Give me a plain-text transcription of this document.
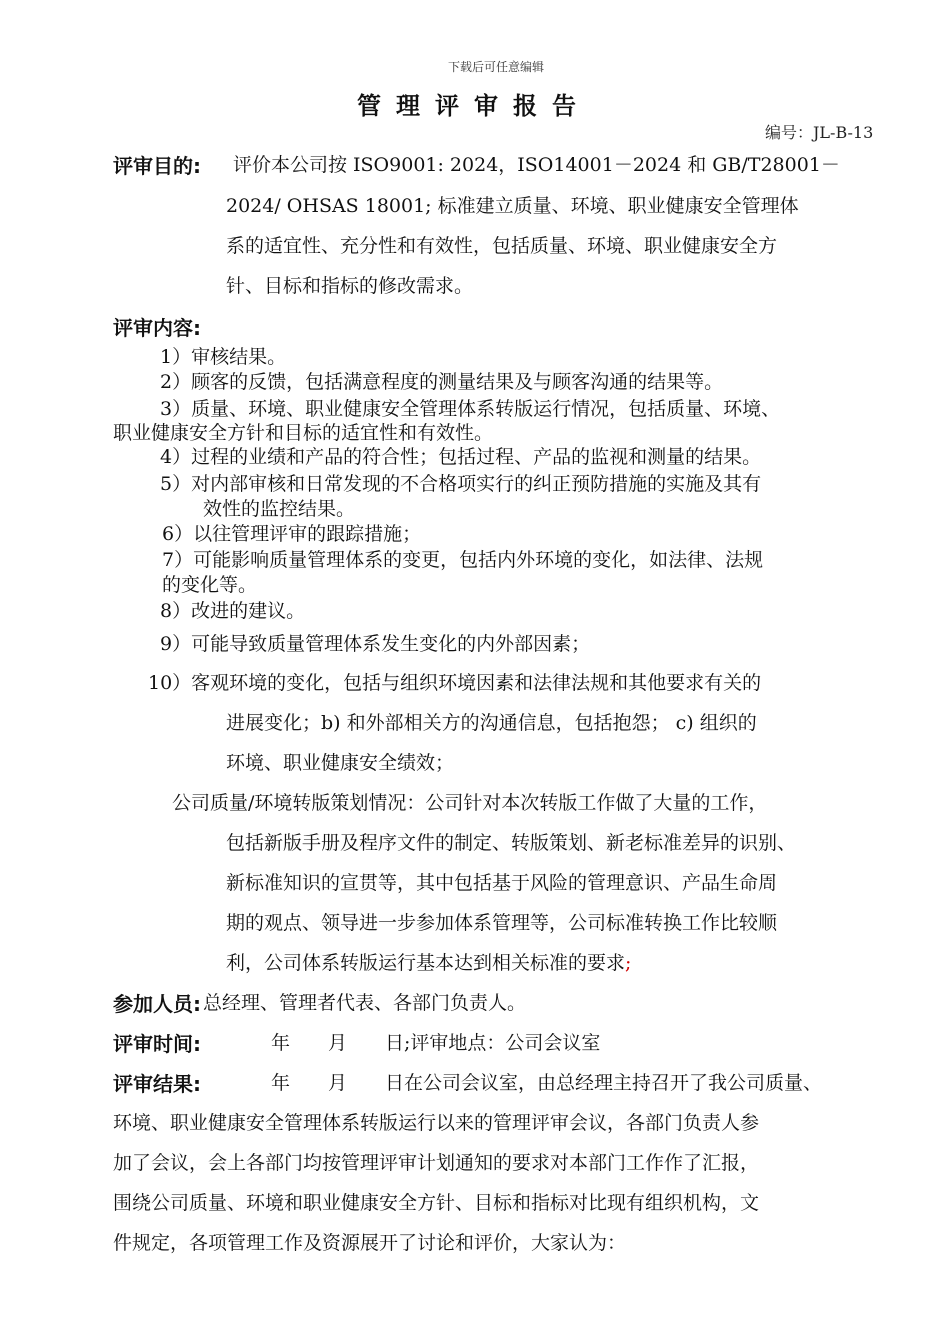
下载后可任意编辑
管理评审报告
编号：JL-B-13
评审目的: 评价本公司按 ISO9001: 2024，ISO14001－2024 和 GB/T28001－
2024/ OHSAS 18001; 标准建立质量、环境、职业健康安全管理体
系的适宜性、充分性和有效性，包括质量、环境、职业健康安全方
针、目标和指标的修改需求。
评审内容:
1）审核结果。
2）顾客的反馈，包括满意程度的测量结果及与顾客沟通的结果等。
3）质量、环境、职业健康安全管理体系转版运行情况，包括质量、环境、
职业健康安全方针和目标的适宜性和有效性。
4）过程的业绩和产品的符合性；包括过程、产品的监视和测量的结果。
5）对内部审核和日常发现的不合格项实行的纠正预防措施的实施及其有
效性的监控结果。
6）以往管理评审的跟踪措施；
7）可能影响质量管理体系的变更，包括内外环境的变化，如法律、法规
的变化等。
8）改进的建议。
9）可能导致质量管理体系发生变化的内外部因素；
10）客观环境的变化，包括与组织环境因素和法律法规和其他要求有关的
进展变化；b) 和外部相关方的沟通信息，包括抱怨； c) 组织的
环境、职业健康安全绩效；
公司质量/环境转版策划情况：公司针对本次转版工作做了大量的工作，
包括新版手册及程序文件的制定、转版策划、新老标准差异的识别、
新标准知识的宣贯等，其中包括基于风险的管理意识、产品生命周
期的观点、领导进一步参加体系管理等，公司标准转换工作比较顺
利，公司体系转版运行基本达到相关标准的要求;
参加人员: 总经理、管理者代表、各部门负责人。
评审时间:	年　　月　　日;评审地点：公司会议室
评审结果:	年　　月　　日在公司会议室，由总经理主持召开了我公司质量、
环境、职业健康安全管理体系转版运行以来的管理评审会议，各部门负责人参
加了会议，会上各部门均按管理评审计划通知的要求对本部门工作作了汇报，
围绕公司质量、环境和职业健康安全方针、目标和指标对比现有组织机构，文
件规定，各项管理工作及资源展开了讨论和评价，大家认为：
